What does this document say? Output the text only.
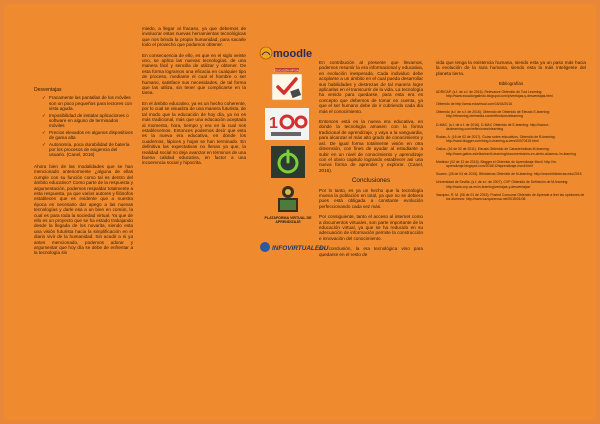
Desventajas
✓ Fracamente las pantallas de los móviles son un poco pequeños para lectores con vista aguda.
✓ Imposibilidad de instalar aplicaciones o software en alguno de terminados móviles
✓ Precios elevados en algunos dispositivos de gama alta
✓ Autonomía, poca durabilidad de batería por los procesos de exigencia del usuario. (Canel, 2016)

Ahora bien de las modalidades que se han mencionado anteriormente ¿alguna de ellas cumple con su función como tal es dentro del ámbito educativo? Como parte de la respuesta y argumentación, podemos respaldar totalmente a esta respuesta, ya que varios autores y filósofos establecen que es evidente que a nuestra época es necesario dar apego a las nuevas tecnologías y darle esa a un bien en común, la cual es para toda la sociedad virtual. Ya que de ello es un proyecto que se ha estado trabajando desde la llegada de los novarita, siendo esta una visión futurista hacia la simplificación en el diario vivir de la humanidad. Sin acudir a ni ya antes mencionado, podemos adorar y argumentar que hoy día se debe de enfrentar a la tecnología sin

miedo, a llegar al fracaso, ya que debemos de involucrar estas nuevas herramientas tecnológicas que nos brinda la propia humanidad, para sacarle todo el provecho que podamos obtener.

En consecuencia de ello, es que en el siglo veinte uno, se aplica las nuevas tecnologías, de una manera fácil y sencilla de utilizar y obtener. De esta forma logramos una eficacia en cualquier tipo de proceso, mediante el cual el hombre o ser humano, satisface sus necesidades, de tal forma que las utiliza, sin tener que complicarse en la tarea.

En el ámbito educativo, ya es un hecho coherente, por lo cual se visualiza de una manera futurista, de tal modo que la educación de hoy día, ya no es más tradicional, más que una educación aceptada al momento, hora, tiempo y era en la cual nos establecemos. Entonces podemos decir que esta es la nueva era educativa, en donde los cuadernos, lápices y hojas se han terminado. En definitiva las expectativas no llenan ya que, la realidad social no deja avanzar en términos de una buena calidad educativa, en factor a una incoerencia social y hipocrita.

moodle
EDUCACIÓN VIRTUAL
1
PLATAFORMA VIRTUAL DE APRENDIZAJE
INFOVIRTUALEDU

En contribución al presente que llevamos, podemos resumir la era informacional y educativa, en evolución inesperada. Cada individuo debe acoplarse a un ámbito en el cual pueda desarrollar sus habilidades y destrezas de tal manera logre aplicarlas en el transcurrir de la vida. La tecnología ha venido para quedarse, para esta era es concepto que debemos de tomar en cuenta, ya que el ser humano debe de ir cubriendo cada día más el conocimiento.

Entonces está es la nueva era educativa, en donde la tecnología amasen con la forma tradicional de aprendizaje, y vaya a la vanguardia, para alcanzar el más alto grado de conocimiento y así. De igual forma totalmente visión en otra dimensión, con fines de ayudar al estudiante a subir en un nivel de conocimiento y aprendizaje con el obvio capitulo logrando establecer así una nueva forma de aprender y explorar. (Canel, 2016).

Conclusiones

Por lo tanto, es ya un hecho que la tecnología mueva la población en total, ya que no se debiera pues está obligada a constante evolución perfeccionando cada vez más.

Por consiguiente, tanto el acceso al internet como a documentos virtuales, son parte importante de la educación virtual, ya que se ha reducido en su adecuación de información permite la construcción e innovación del conocimiento.

En conclusión, la era tecnológica vino para quedarse en el resto de

vida que tenga la existencia humana, siendo esta ya un paso más hacia la evolución de la raza humana, siendo esta la más inteligente del planeta tierra.

Bibliografías
ADRICAP. (s.f. de s.f. de 2016). Relevance Obtenido de Tool Learning: http://www.ecuadorgalindo.blogspot.com/p/ventajas-y-desventajas.html
Obtenido de http://www.eduvirtual.com/16/04/2016
Obtenido (s.f. de s.f. de 2016). Obtenido de Obtenido de Eleusis E-learning: http://elearning.otelmedia.com/reflections/elearning
D-MAC. (s.f. de s.f. de 2016). D-MAC Obtenido de E-learning: http://www.e-dsolearning.com/reflexiones/elearning
Rodas, A. (16 de 02 de 2017). Guías sobre educativos. Obtenido de B-learning: http://www.blogger.com/blog-b-learning-a-vers/00070419.html
Gallos. (16 de 02 de 2011). Eleusis Obtenido de Características M-learning: http://www.galtos.es/elios/ser/b-learning/documentos/es-en-cierto-alusmos-/m-learning
Martinez (02 de 12 de 2016). Blogger.el Obtenido de Aprendizaje Movil. http://m-aprendizaje.blogspot.com/2016/12/aprendizaje-movil.html
Suarez. (28 de 04 de 2015). Bibliotecas Obtenido de M-learning: http://www.bibliotecas.edu/2015
Universidad de Sevilla. (s.f. de s.f. de 2007). CVP Obtenido de Definición de M-learning: http://www.cvp.us.es/m-learning/ventajas-y-desventajas/
Vazquez, R. M. (08 de 01 de 2015). Posted Consume Obtenido de Aprende a leer las opiniones de los alumnos: http://www.vazquezrosa.net/2015/01/08
